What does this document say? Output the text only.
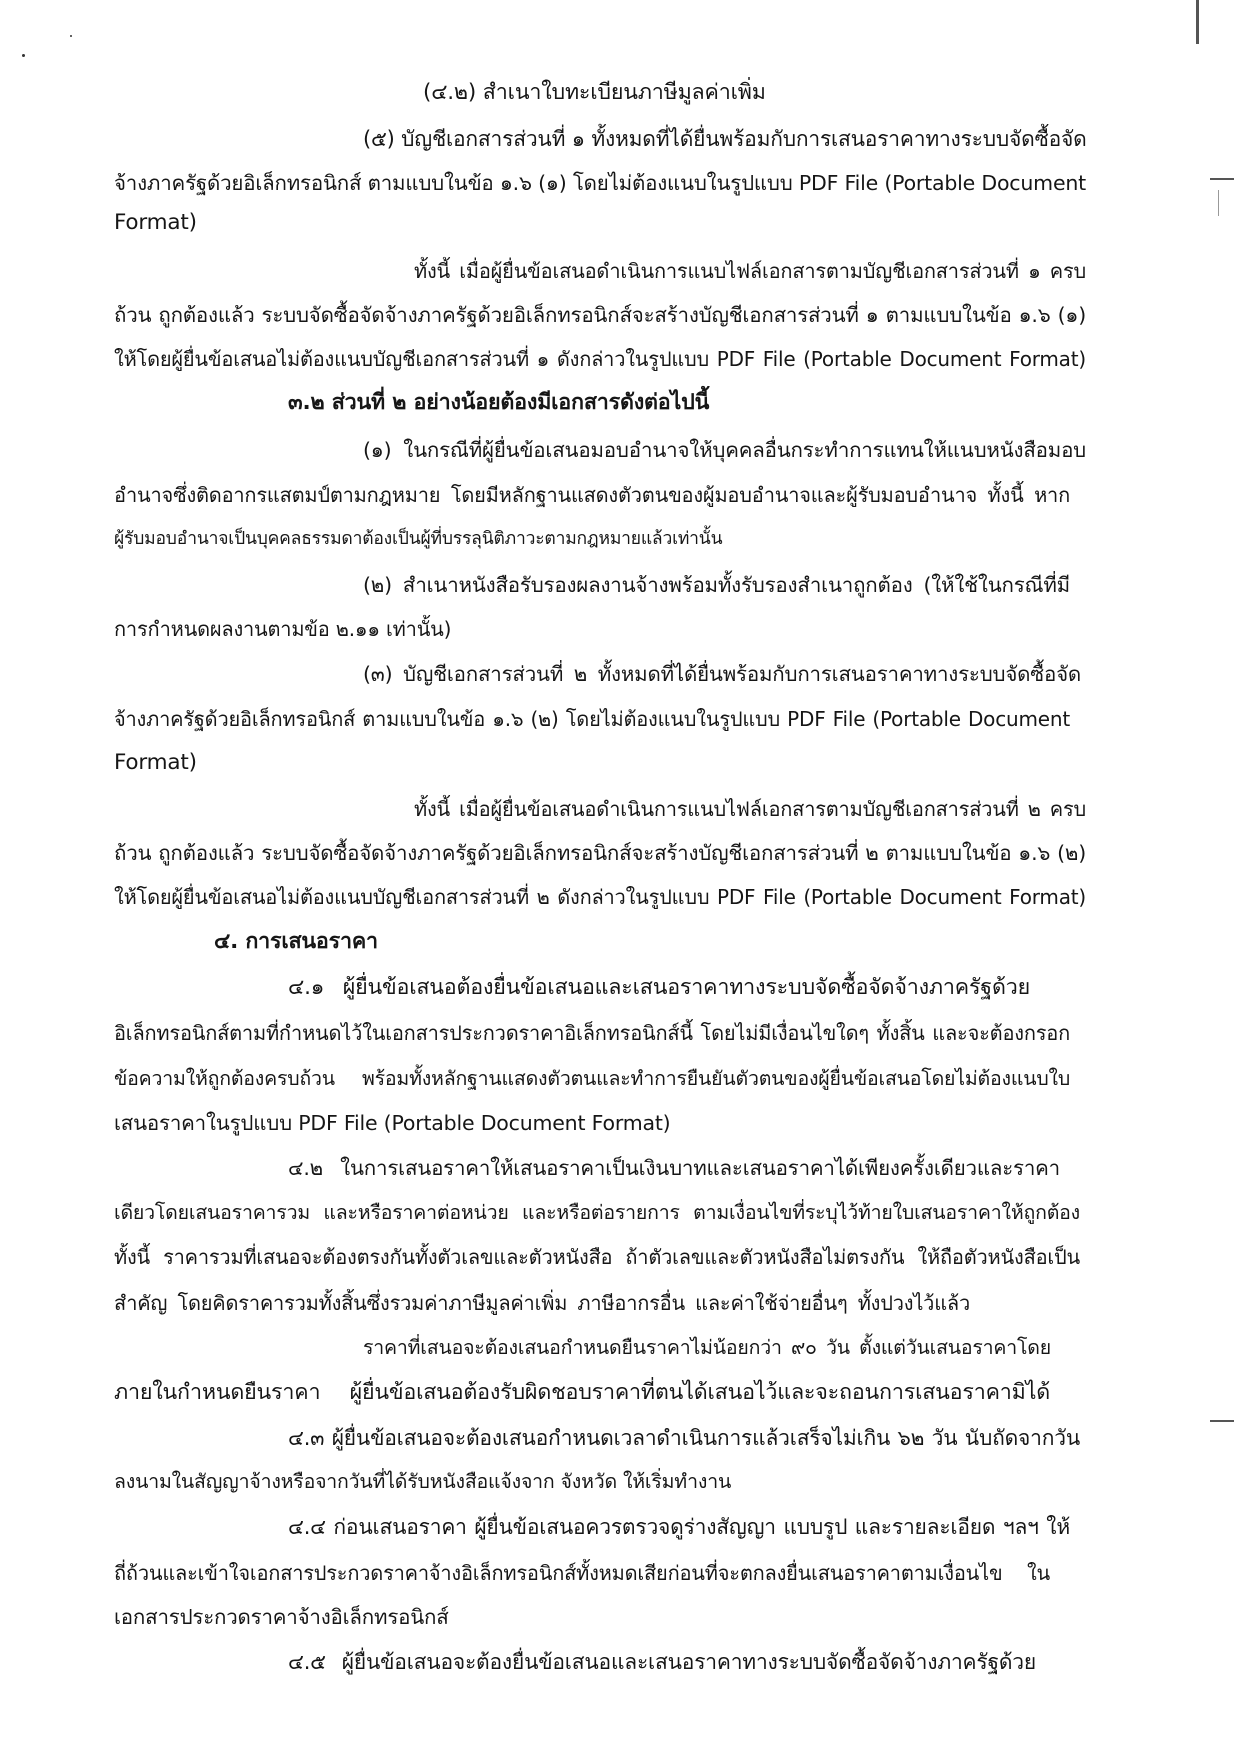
(๔.๒) สำเนาใบทะเบียนภาษีมูลค่าเพิ่ม
(๕) บัญชีเอกสารส่วนที่ ๑ ทั้งหมดที่ได้ยื่นพร้อมกับการเสนอราคาทางระบบจัดซื้อจัด
จ้างภาครัฐด้วยอิเล็กทรอนิกส์ ตามแบบในข้อ ๑.๖ (๑) โดยไม่ต้องแนบในรูปแบบ PDF File (Portable Document
Format)
ทั้งนี้ เมื่อผู้ยื่นข้อเสนอดำเนินการแนบไฟล์เอกสารตามบัญชีเอกสารส่วนที่ ๑ ครบ
ถ้วน ถูกต้องแล้ว ระบบจัดซื้อจัดจ้างภาครัฐด้วยอิเล็กทรอนิกส์จะสร้างบัญชีเอกสารส่วนที่ ๑ ตามแบบในข้อ ๑.๖ (๑)
ให้โดยผู้ยื่นข้อเสนอไม่ต้องแนบบัญชีเอกสารส่วนที่ ๑ ดังกล่าวในรูปแบบ PDF File (Portable Document Format)
๓.๒ ส่วนที่ ๒ อย่างน้อยต้องมีเอกสารดังต่อไปนี้
(๑) ในกรณีที่ผู้ยื่นข้อเสนอมอบอำนาจให้บุคคลอื่นกระทำการแทนให้แนบหนังสือมอบ
อำนาจซึ่งติดอากรแสตมป์ตามกฎหมาย โดยมีหลักฐานแสดงตัวตนของผู้มอบอำนาจและผู้รับมอบอำนาจ ทั้งนี้ หาก
ผู้รับมอบอำนาจเป็นบุคคลธรรมดาต้องเป็นผู้ที่บรรลุนิติภาวะตามกฎหมายแล้วเท่านั้น
(๒) สำเนาหนังสือรับรองผลงานจ้างพร้อมทั้งรับรองสำเนาถูกต้อง (ให้ใช้ในกรณีที่มี
การกำหนดผลงานตามข้อ ๒.๑๑ เท่านั้น)
(๓) บัญชีเอกสารส่วนที่ ๒ ทั้งหมดที่ได้ยื่นพร้อมกับการเสนอราคาทางระบบจัดซื้อจัด
จ้างภาครัฐด้วยอิเล็กทรอนิกส์ ตามแบบในข้อ ๑.๖ (๒) โดยไม่ต้องแนบในรูปแบบ PDF File (Portable Document
Format)
ทั้งนี้ เมื่อผู้ยื่นข้อเสนอดำเนินการแนบไฟล์เอกสารตามบัญชีเอกสารส่วนที่ ๒ ครบ
ถ้วน ถูกต้องแล้ว ระบบจัดซื้อจัดจ้างภาครัฐด้วยอิเล็กทรอนิกส์จะสร้างบัญชีเอกสารส่วนที่ ๒ ตามแบบในข้อ ๑.๖ (๒)
ให้โดยผู้ยื่นข้อเสนอไม่ต้องแนบบัญชีเอกสารส่วนที่ ๒ ดังกล่าวในรูปแบบ PDF File (Portable Document Format)
๔. การเสนอราคา
๔.๑ ผู้ยื่นข้อเสนอต้องยื่นข้อเสนอและเสนอราคาทางระบบจัดซื้อจัดจ้างภาครัฐด้วย
อิเล็กทรอนิกส์ตามที่กำหนดไว้ในเอกสารประกวดราคาอิเล็กทรอนิกส์นี้ โดยไม่มีเงื่อนไขใดๆ ทั้งสิ้น และจะต้องกรอก
ข้อความให้ถูกต้องครบถ้วน พร้อมทั้งหลักฐานแสดงตัวตนและทำการยืนยันตัวตนของผู้ยื่นข้อเสนอโดยไม่ต้องแนบใบ
เสนอราคาในรูปแบบ PDF File (Portable Document Format)
๔.๒ ในการเสนอราคาให้เสนอราคาเป็นเงินบาทและเสนอราคาได้เพียงครั้งเดียวและราคา
เดียวโดยเสนอราคารวม และหรือราคาต่อหน่วย และหรือต่อรายการ ตามเงื่อนไขที่ระบุไว้ท้ายใบเสนอราคาให้ถูกต้อง
ทั้งนี้ ราคารวมที่เสนอจะต้องตรงกันทั้งตัวเลขและตัวหนังสือ ถ้าตัวเลขและตัวหนังสือไม่ตรงกัน ให้ถือตัวหนังสือเป็น
สำคัญ โดยคิดราคารวมทั้งสิ้นซึ่งรวมค่าภาษีมูลค่าเพิ่ม ภาษีอากรอื่น และค่าใช้จ่ายอื่นๆ ทั้งปวงไว้แล้ว
ราคาที่เสนอจะต้องเสนอกำหนดยืนราคาไม่น้อยกว่า ๙๐ วัน ตั้งแต่วันเสนอราคาโดย
ภายในกำหนดยืนราคา ผู้ยื่นข้อเสนอต้องรับผิดชอบราคาที่ตนได้เสนอไว้และจะถอนการเสนอราคามิได้
๔.๓ ผู้ยื่นข้อเสนอจะต้องเสนอกำหนดเวลาดำเนินการแล้วเสร็จไม่เกิน ๖๒ วัน นับถัดจากวัน
ลงนามในสัญญาจ้างหรือจากวันที่ได้รับหนังสือแจ้งจาก จังหวัด ให้เริ่มทำงาน
๔.๔ ก่อนเสนอราคา ผู้ยื่นข้อเสนอควรตรวจดูร่างสัญญา แบบรูป และรายละเอียด ฯลฯ ให้
ถี่ถ้วนและเข้าใจเอกสารประกวดราคาจ้างอิเล็กทรอนิกส์ทั้งหมดเสียก่อนที่จะตกลงยื่นเสนอราคาตามเงื่อนไข ใน
เอกสารประกวดราคาจ้างอิเล็กทรอนิกส์
๔.๕ ผู้ยื่นข้อเสนอจะต้องยื่นข้อเสนอและเสนอราคาทางระบบจัดซื้อจัดจ้างภาครัฐด้วย
